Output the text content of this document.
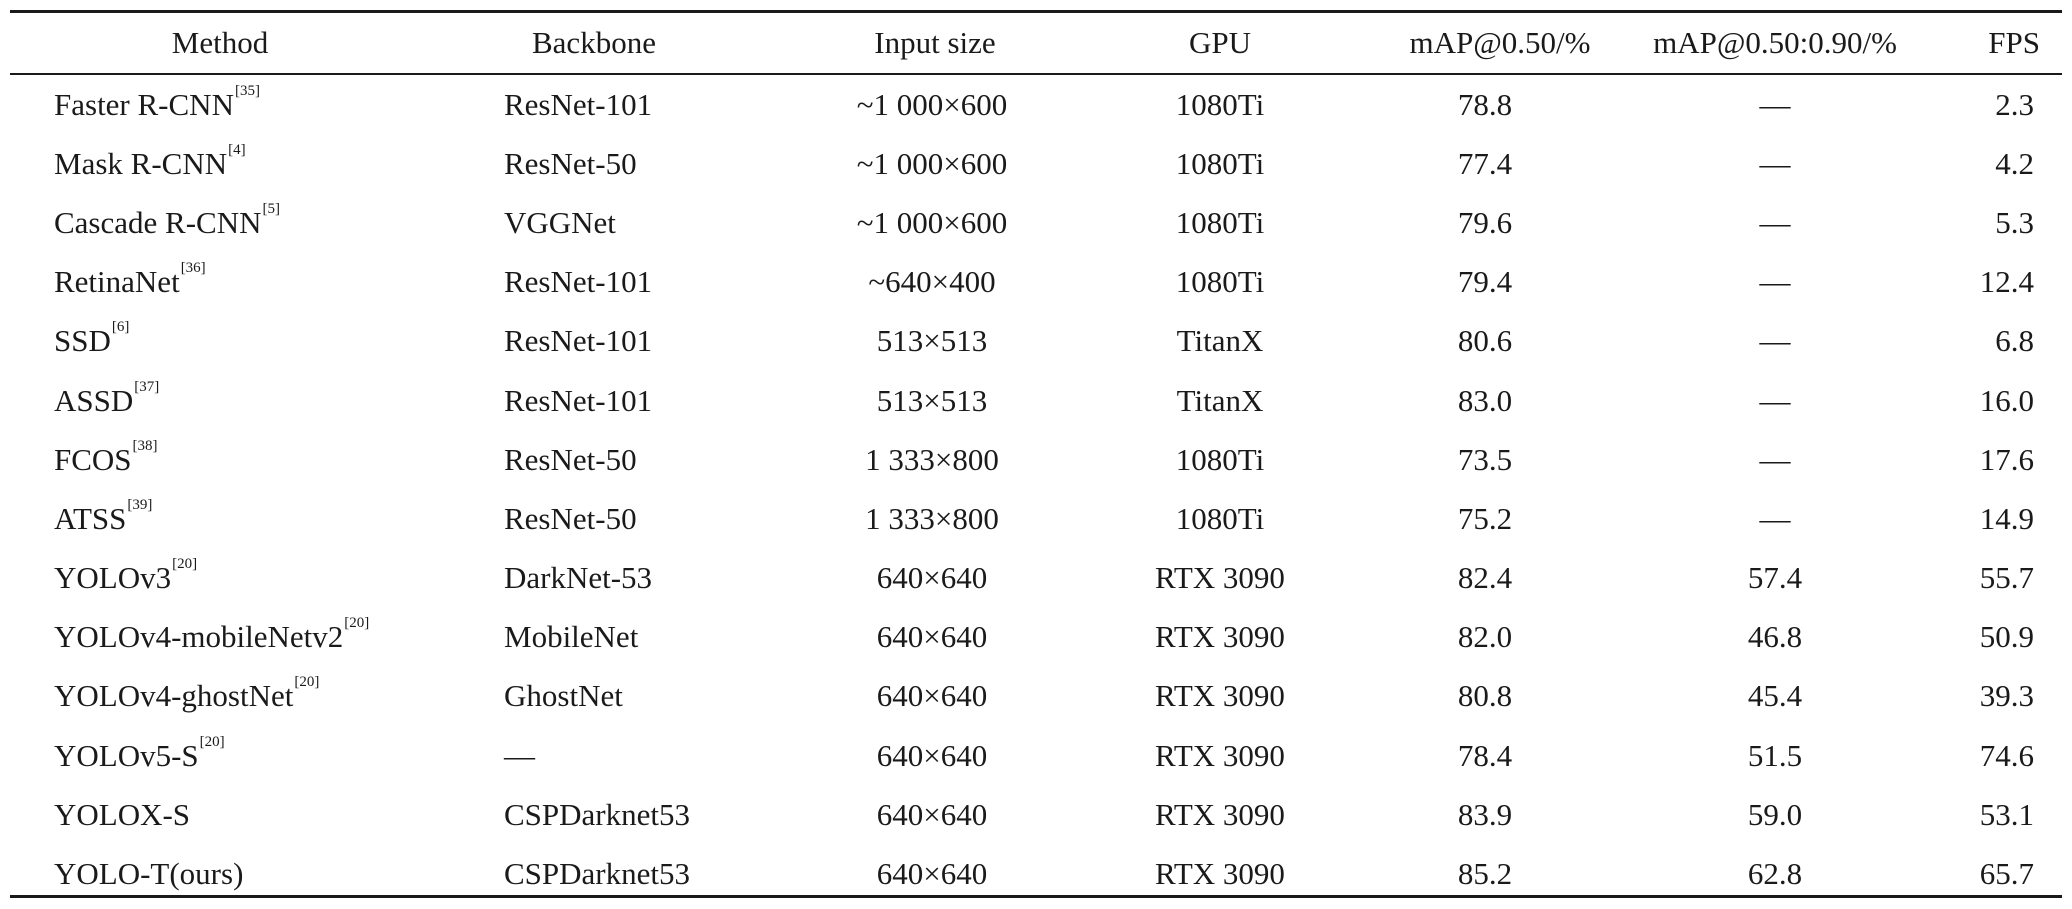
Method	Backbone	Input size	GPU	mAP@0.50/%	mAP@0.50:0.90/%	FPS
Faster R-CNN[35]	ResNet-101	~1 000×600	1080Ti	78.8	—	2.3
Mask R-CNN[4]	ResNet-50	~1 000×600	1080Ti	77.4	—	4.2
Cascade R-CNN[5]	VGGNet	~1 000×600	1080Ti	79.6	—	5.3
RetinaNet[36]	ResNet-101	~640×400	1080Ti	79.4	—	12.4
SSD[6]	ResNet-101	513×513	TitanX	80.6	—	6.8
ASSD[37]	ResNet-101	513×513	TitanX	83.0	—	16.0
FCOS[38]	ResNet-50	1 333×800	1080Ti	73.5	—	17.6
ATSS[39]	ResNet-50	1 333×800	1080Ti	75.2	—	14.9
YOLOv3[20]	DarkNet-53	640×640	RTX 3090	82.4	57.4	55.7
YOLOv4-mobileNetv2[20]	MobileNet	640×640	RTX 3090	82.0	46.8	50.9
YOLOv4-ghostNet[20]	GhostNet	640×640	RTX 3090	80.8	45.4	39.3
YOLOv5-S[20]	—	640×640	RTX 3090	78.4	51.5	74.6
YOLOX-S	CSPDarknet53	640×640	RTX 3090	83.9	59.0	53.1
YOLO-T(ours)	CSPDarknet53	640×640	RTX 3090	85.2	62.8	65.7
